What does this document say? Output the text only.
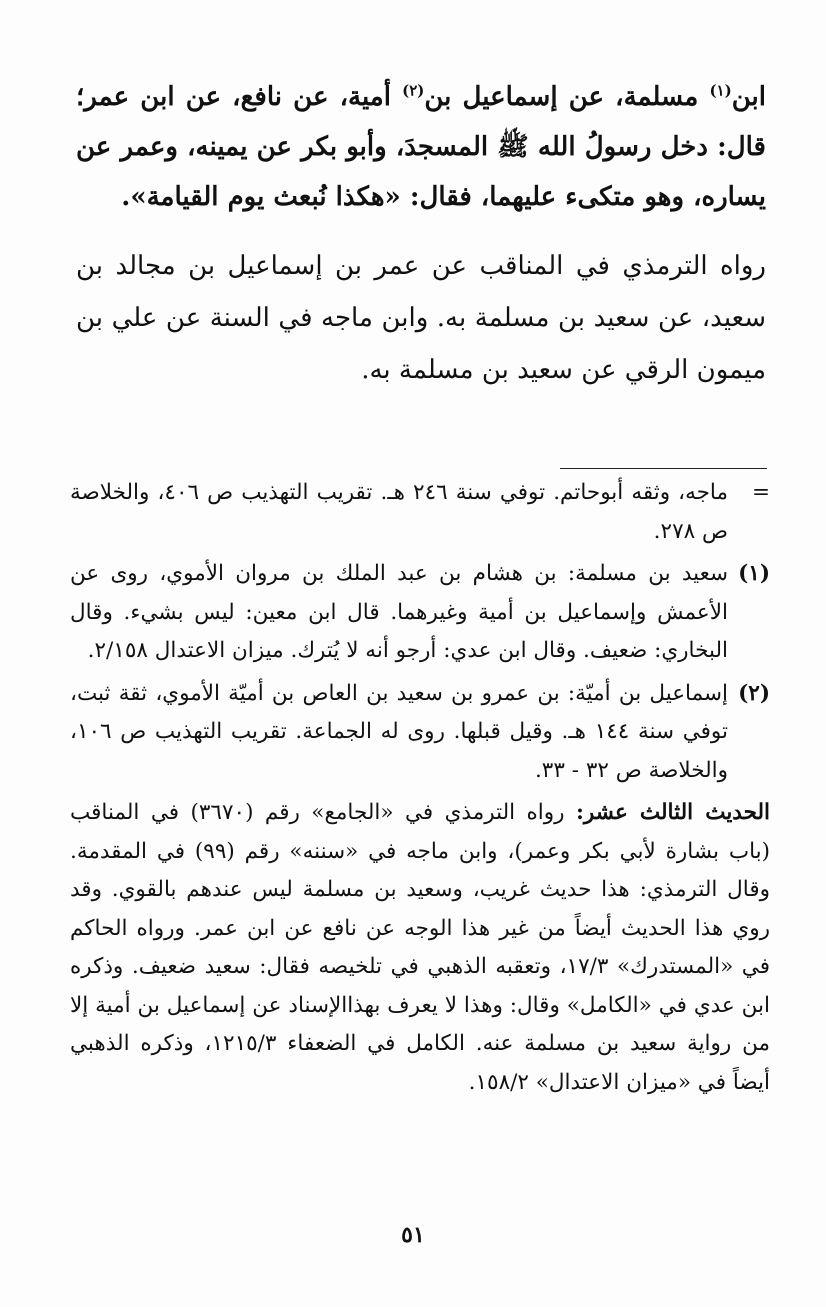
ابن$^{(١)}$ مسلمة، عن إسماعيل بن$^{(٢)}$ أمية، عن نافع، عن ابن عمر؛ قال: دخل رسولُ الله ﷺ المسجدَ، وأبو بكر عن يمينه، وعمر عن يساره، وهو متكىء عليهما، فقال: «هكذا نُبعث يوم القيامة».

رواه الترمذي في المناقب عن عمر بن إسماعيل بن مجالد بن سعيد، عن سعيد بن مسلمة به. وابن ماجه في السنة عن علي بن ميمون الرقي عن سعيد بن مسلمة به.

=
ماجه، وثقه أبوحاتم. توفي سنة ٢٤٦ هـ. تقريب التهذيب ص ٤٠٦، والخلاصة ص ٢٧٨.

(١)
سعيد بن مسلمة: بن هشام بن عبد الملك بن مروان الأموي، روى عن الأعمش وإسماعيل بن أمية وغيرهما. قال ابن معين: ليس بشيء. وقال البخاري: ضعيف. وقال ابن عدي: أرجو أنه لا يُترك. ميزان الاعتدال ٢/١٥٨.

(٢)
إسماعيل بن أميّة: بن عمرو بن سعيد بن العاص بن أميّة الأموي، ثقة ثبت، توفي سنة ١٤٤ هـ. وقيل قبلها. روى له الجماعة. تقريب التهذيب ص ١٠٦، والخلاصة ص ٣٢ - ٣٣.

الحديث الثالث عشر: رواه الترمذي في «الجامع» رقم (٣٦٧٠) في المناقب (باب بشارة لأبي بكر وعمر)، وابن ماجه في «سننه» رقم (٩٩) في المقدمة. وقال الترمذي: هذا حديث غريب، وسعيد بن مسلمة ليس عندهم بالقوي. وقد روي هذا الحديث أيضاً من غير هذا الوجه عن نافع عن ابن عمر. ورواه الحاكم في «المستدرك» ١٧/٣، وتعقبه الذهبي في تلخيصه فقال: سعيد ضعيف. وذكره ابن عدي في «الكامل» وقال: وهذا لا يعرف بهذاالإسناد عن إسماعيل بن أمية إلا من رواية سعيد بن مسلمة عنه. الكامل في الضعفاء ١٢١٥/٣، وذكره الذهبي أيضاً في «ميزان الاعتدال» ١٥٨/٢.

٥١
